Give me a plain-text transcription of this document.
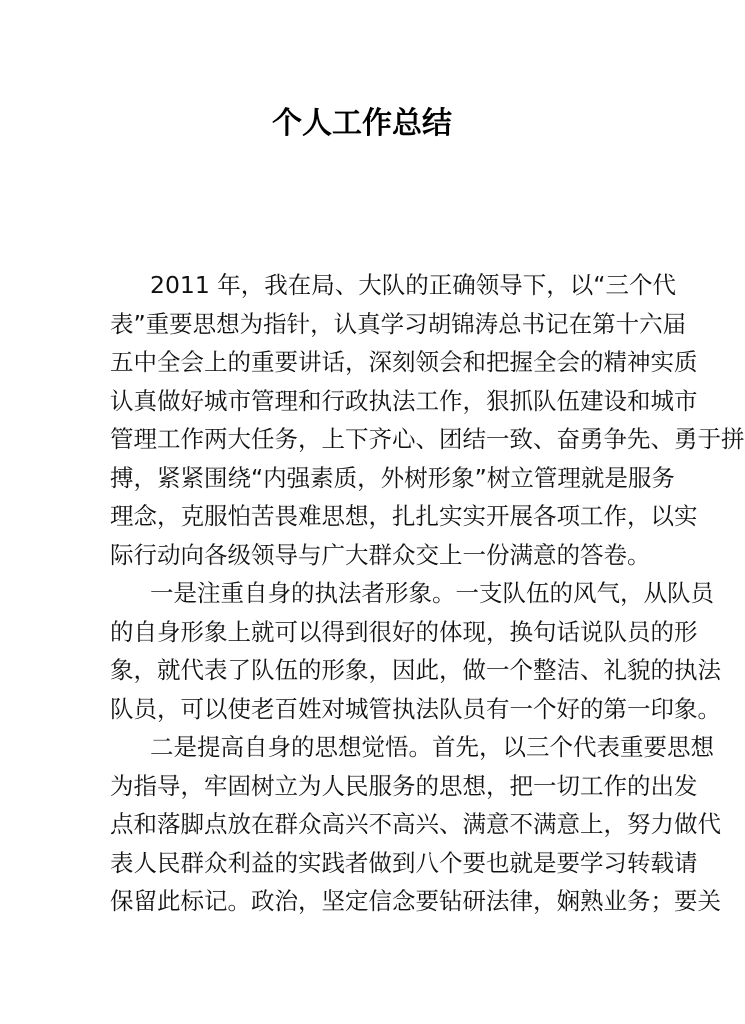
个人工作总结
2011 年，我在局、大队的正确领导下，以“三个代
表”重要思想为指针，认真学习胡锦涛总书记在第十六届
五中全会上的重要讲话，深刻领会和把握全会的精神实质
认真做好城市管理和行政执法工作，狠抓队伍建设和城市
管理工作两大任务，上下齐心、团结一致、奋勇争先、勇于拼
搏，紧紧围绕“内强素质，外树形象”树立管理就是服务
理念，克服怕苦畏难思想，扎扎实实开展各项工作，以实
际行动向各级领导与广大群众交上一份满意的答卷。
一是注重自身的执法者形象。一支队伍的风气，从队员
的自身形象上就可以得到很好的体现，换句话说队员的形
象，就代表了队伍的形象，因此，做一个整洁、礼貌的执法
队员，可以使老百姓对城管执法队员有一个好的第一印象。
二是提高自身的思想觉悟。首先，以三个代表重要思想
为指导，牢固树立为人民服务的思想，把一切工作的出发
点和落脚点放在群众高兴不高兴、满意不满意上，努力做代
表人民群众利益的实践者做到八个要也就是要学习转载请
保留此标记。政治，坚定信念要钻研法律，娴熟业务；要关
